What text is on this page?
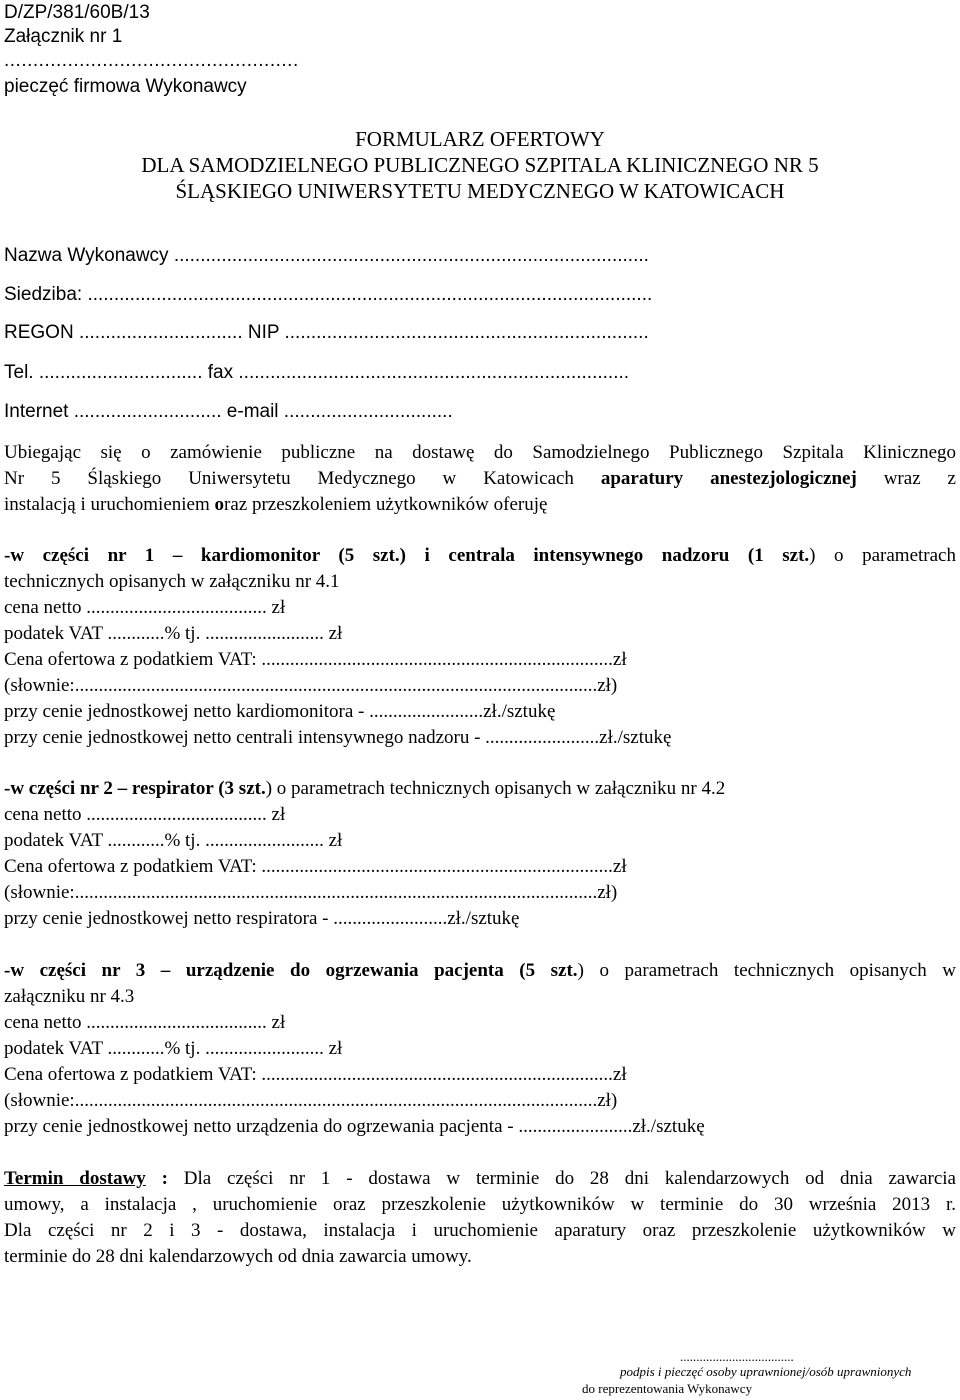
D/ZP/381/60B/13
Załącznik nr 1
...................................................
pieczęć firmowa Wykonawcy
FORMULARZ OFERTOWY
DLA SAMODZIELNEGO PUBLICZNEGO SZPITALA KLINICZNEGO NR 5
ŚLĄSKIEGO UNIWERSYTETU MEDYCZNEGO W KATOWICACH
Nazwa Wykonawcy ..........................................................................................
Siedziba: ...........................................................................................................
REGON ............................... NIP .....................................................................
Tel. ............................... fax ..........................................................................
Internet ............................ e-mail ................................
Ubiegając się o zamówienie publiczne na dostawę do Samodzielnego Publicznego Szpitala Klinicznego
Nr 5 Śląskiego Uniwersytetu Medycznego w Katowicach aparatury anestezjologicznej wraz z
instalacją i uruchomieniem oraz przeszkoleniem użytkowników oferuję
-w części nr 1 – kardiomonitor (5 szt.) i centrala intensywnego nadzoru (1 szt.) o parametrach
technicznych opisanych w załączniku nr 4.1
cena netto ...................................... zł
podatek VAT ............% tj. ......................... zł
Cena ofertowa z podatkiem VAT: ..........................................................................zł
(słownie:..............................................................................................................zł)
przy cenie jednostkowej netto kardiomonitora - ........................zł./sztukę
przy cenie jednostkowej netto centrali intensywnego nadzoru - ........................zł./sztukę
-w części nr 2 – respirator (3 szt.) o parametrach technicznych opisanych w załączniku nr 4.2
cena netto ...................................... zł
podatek VAT ............% tj. ......................... zł
Cena ofertowa z podatkiem VAT: ..........................................................................zł
(słownie:..............................................................................................................zł)
przy cenie jednostkowej netto respiratora - ........................zł./sztukę
-w części nr 3 – urządzenie do ogrzewania pacjenta (5 szt.) o parametrach technicznych opisanych w
załączniku nr 4.3
cena netto ...................................... zł
podatek VAT ............% tj. ......................... zł
Cena ofertowa z podatkiem VAT: ..........................................................................zł
(słownie:..............................................................................................................zł)
przy cenie jednostkowej netto urządzenia do ogrzewania pacjenta - ........................zł./sztukę
Termin dostawy : Dla części nr 1 - dostawa w terminie do 28 dni kalendarzowych od dnia zawarcia
umowy, a instalacja , uruchomienie oraz przeszkolenie użytkowników w terminie do 30 września 2013 r.
Dla części nr 2 i 3 - dostawa, instalacja i uruchomienie aparatury oraz przeszkolenie użytkowników w
terminie do 28 dni kalendarzowych od dnia zawarcia umowy.
...................................
podpis i pieczęć osoby uprawnionej/osób uprawnionych
do reprezentowania Wykonawcy
